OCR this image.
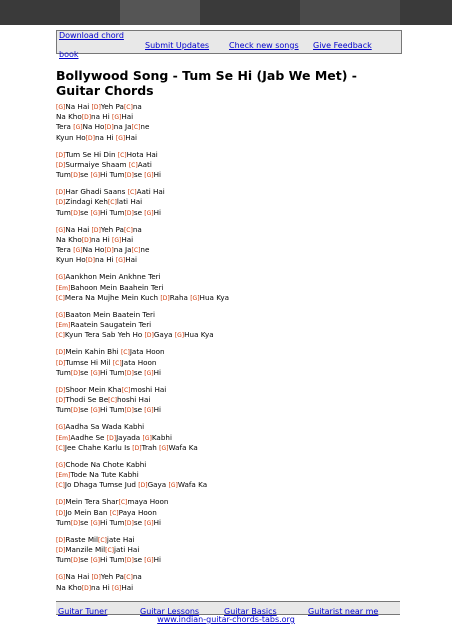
Download chord book
Submit Updates	Check new songs	Give Feedback
Bollywood Song - Tum Se Hi (Jab We Met) - Guitar Chords
[G]Na Hai [D]Yeh Pa[C]na
Na Kho[D]na Hi [G]Hai
Tera [G]Na Ho[D]na Ja[C]ne
Kyun Ho[D]na Hi [G]Hai
[D]Tum Se Hi Din [C]Hota Hai
[D]Surmaiye Shaam [C]Aati
Tum[D]se [G]Hi Tum[D]se [G]Hi
[D]Har Ghadi Saans [C]Aati Hai
[D]Zindagi Keh[C]lati Hai
Tum[D]se [G]Hi Tum[D]se [G]Hi
[G]Na Hai [D]Yeh Pa[C]na
Na Kho[D]na Hi [G]Hai
Tera [G]Na Ho[D]na Ja[C]ne
Kyun Ho[D]na Hi [G]Hai
[G]Aankhon Mein Ankhne Teri
[Em]Bahoon Mein Baahein Teri
[C]Mera Na Mujhe Mein Kuch [D]Raha [G]Hua Kya
[G]Baaton Mein Baatein Teri
[Em]Raatein Saugatein Teri
[C]Kyun Tera Sab Yeh Ho [D]Gaya [G]Hua Kya
[D]Mein Kahin Bhi [C]Jata Hoon
[D]Tumse Hi Mil [C]Jata Hoon
Tum[D]se [G]Hi Tum[D]se [G]Hi
[D]Shoor Mein Kha[C]moshi Hai
[D]Thodi Se Be[C]hoshi Hai
Tum[D]se [G]Hi Tum[D]se [G]Hi
[G]Aadha Sa Wada Kabhi
[Em]Aadhe Se [D]Jayada [G]Kabhi
[C]Jee Chahe Karlu Is [D]Trah [G]Wafa Ka
[G]Chode Na Chote Kabhi
[Em]Tode Na Tute Kabhi
[C]Jo Dhaga Tumse Jud [D]Gaya [G]Wafa Ka
[D]Mein Tera Shar[C]maya Hoon
[D]Jo Mein Ban [C]Paya Hoon
Tum[D]se [G]Hi Tum[D]se [G]Hi
[D]Raste Mil[C]jate Hai
[D]Manzile Mil[C]jati Hai
Tum[D]se [G]Hi Tum[D]se [G]Hi
[G]Na Hai [D]Yeh Pa[C]na
Na Kho[D]na Hi [G]Hai
Guitar Tuner	Guitar Lessons	Guitar Basics	Guitarist near me
www.indian-guitar-chords-tabs.org
